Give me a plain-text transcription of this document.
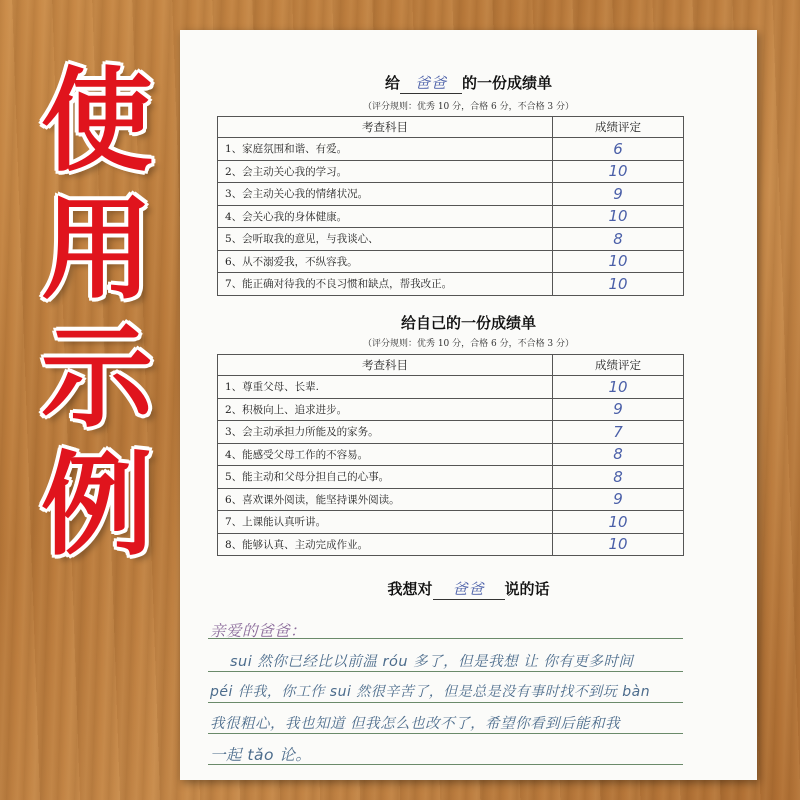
使
用
示
例
给 爸爸 的一份成绩单
（评分规则：优秀 10 分，合格 6 分，不合格 3 分）
考查科目	成绩评定
1、家庭氛围和谐、有爱。	6
2、会主动关心我的学习。	10
3、会主动关心我的情绪状况。	9
4、会关心我的身体健康。	10
5、会听取我的意见，与我谈心、	8
6、从不溺爱我，不纵容我。	10
7、能正确对待我的不良习惯和缺点，帮我改正。	10
给自己的一份成绩单
（评分规则：优秀 10 分，合格 6 分，不合格 3 分）
考查科目	成绩评定
1、尊重父母、长辈.	10
2、积极向上、追求进步。	9
3、会主动承担力所能及的家务。	7
4、能感受父母工作的不容易。	8
5、能主动和父母分担自己的心事。	8
6、喜欢课外阅读，能坚持课外阅读。	9
7、上课能认真听讲。	10
8、能够认真、主动完成作业。	10
我想对 爸爸 说的话
亲爱的爸爸：
sui 然你已经比以前温 róu 多了，但是我想 让 你有更多时间
péi 伴我，你工作 sui 然很辛苦了，但是总是没有事时找不到玩 bàn
我很粗心，我也知道 但我怎么也改不了，希望你看到后能和我
一起 tǎo 论。
